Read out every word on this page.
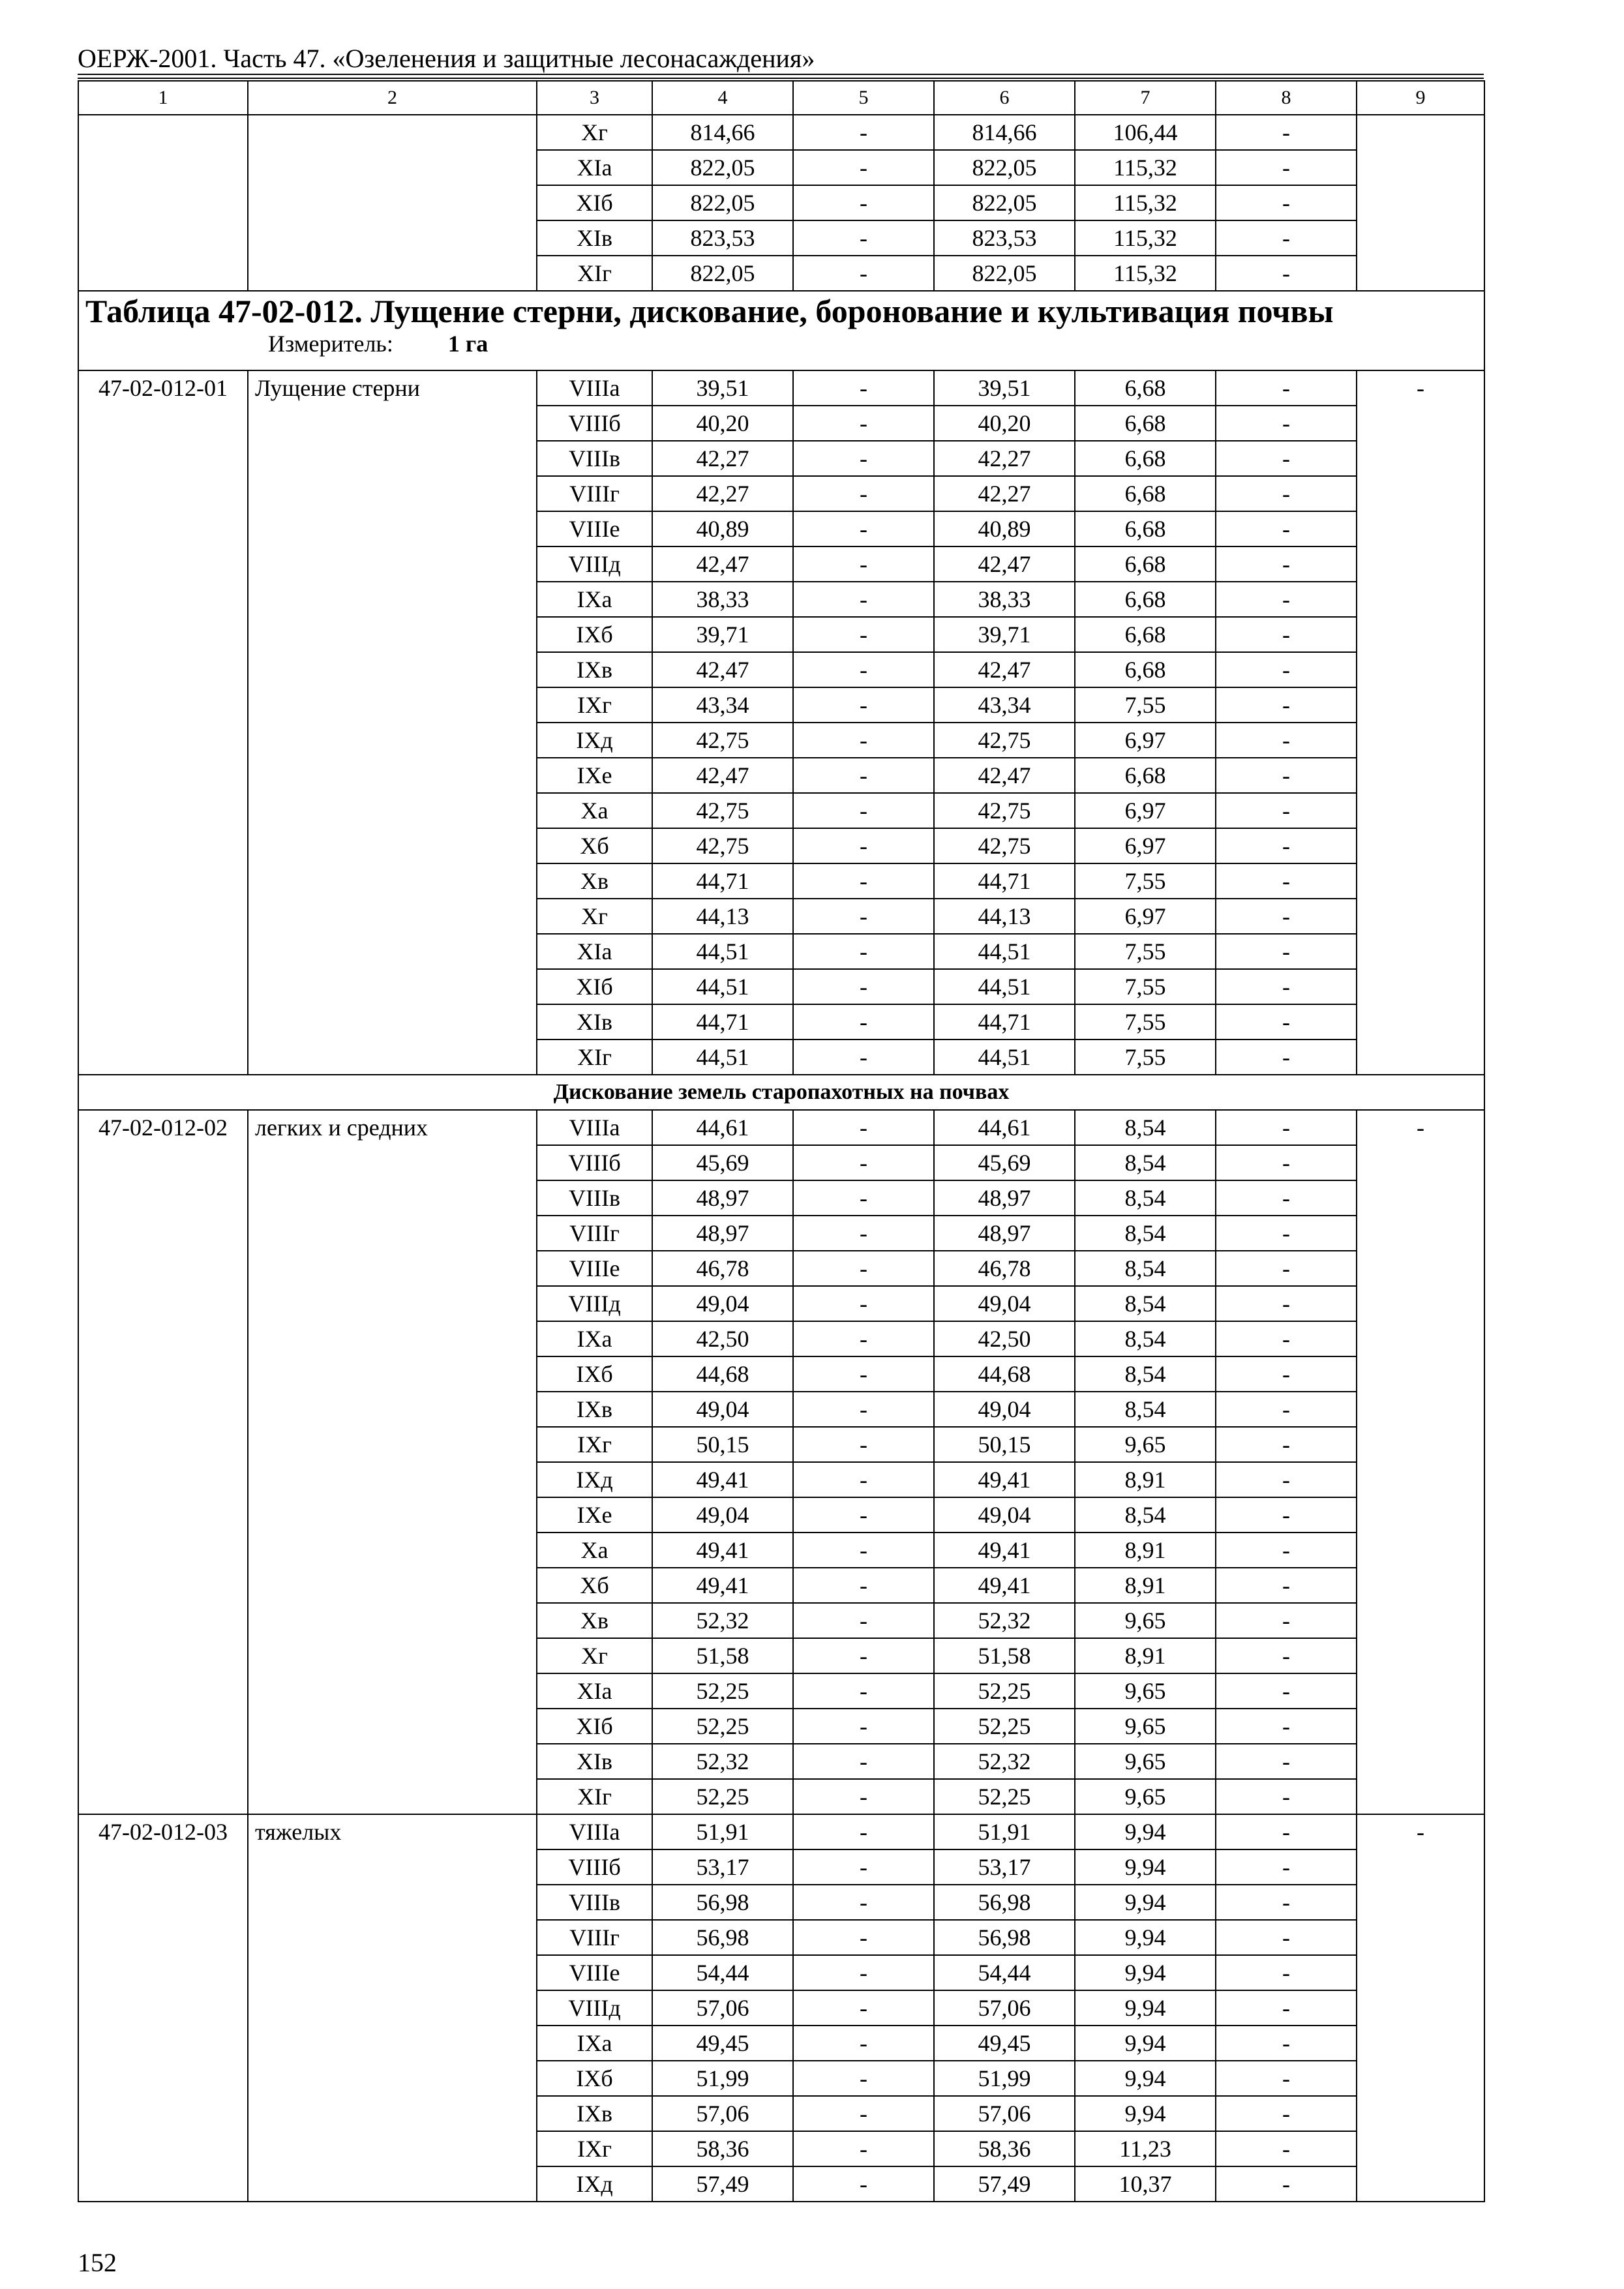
ОЕРЖ-2001. Часть 47. «Озеленения и защитные лесонасаждения»
1	2	3	4	5	6	7	8	9
		Xг	814,66	-	814,66	106,44	-	
		XIа	822,05	-	822,05	115,32	-	
		XIб	822,05	-	822,05	115,32	-	
		XIв	823,53	-	823,53	115,32	-	
		XIг	822,05	-	822,05	115,32	-	

Таблица 47-02-012. Лущение стерни, дискование, боронование и культивация почвы
Измеритель: 1 га								

47-02-012-01	Лущение стерни	VIIIа	39,51	-	39,51	6,68	-	-
		VIIIб	40,20	-	40,20	6,68	-	
		VIIIв	42,27	-	42,27	6,68	-	
		VIIIг	42,27	-	42,27	6,68	-	
		VIIIе	40,89	-	40,89	6,68	-	
		VIIIд	42,47	-	42,47	6,68	-	
		IXа	38,33	-	38,33	6,68	-	
		IXб	39,71	-	39,71	6,68	-	
		IXв	42,47	-	42,47	6,68	-	
		IXг	43,34	-	43,34	7,55	-	
		IXд	42,75	-	42,75	6,97	-	
		IXе	42,47	-	42,47	6,68	-	
		Xа	42,75	-	42,75	6,97	-	
		Xб	42,75	-	42,75	6,97	-	
		Xв	44,71	-	44,71	7,55	-	
		Xг	44,13	-	44,13	6,97	-	
		XIа	44,51	-	44,51	7,55	-	
		XIб	44,51	-	44,51	7,55	-	
		XIв	44,71	-	44,71	7,55	-	
		XIг	44,51	-	44,51	7,55	-	
Дискование земель старопахотных на почвах								
47-02-012-02	легких и средних	VIIIа	44,61	-	44,61	8,54	-	-
		VIIIб	45,69	-	45,69	8,54	-	
		VIIIв	48,97	-	48,97	8,54	-	
		VIIIг	48,97	-	48,97	8,54	-	
		VIIIе	46,78	-	46,78	8,54	-	
		VIIIд	49,04	-	49,04	8,54	-	
		IXа	42,50	-	42,50	8,54	-	
		IXб	44,68	-	44,68	8,54	-	
		IXв	49,04	-	49,04	8,54	-	
		IXг	50,15	-	50,15	9,65	-	
		IXд	49,41	-	49,41	8,91	-	
		IXе	49,04	-	49,04	8,54	-	
		Xа	49,41	-	49,41	8,91	-	
		Xб	49,41	-	49,41	8,91	-	
		Xв	52,32	-	52,32	9,65	-	
		Xг	51,58	-	51,58	8,91	-	
		XIа	52,25	-	52,25	9,65	-	
		XIб	52,25	-	52,25	9,65	-	
		XIв	52,32	-	52,32	9,65	-	
		XIг	52,25	-	52,25	9,65	-	
47-02-012-03	тяжелых	VIIIа	51,91	-	51,91	9,94	-	-
		VIIIб	53,17	-	53,17	9,94	-	
		VIIIв	56,98	-	56,98	9,94	-	
		VIIIг	56,98	-	56,98	9,94	-	
		VIIIе	54,44	-	54,44	9,94	-	
		VIIIд	57,06	-	57,06	9,94	-	
		IXа	49,45	-	49,45	9,94	-	
		IXб	51,99	-	51,99	9,94	-	
		IXв	57,06	-	57,06	9,94	-	
		IXг	58,36	-	58,36	11,23	-	
		IXд	57,49	-	57,49	10,37	-	
152
